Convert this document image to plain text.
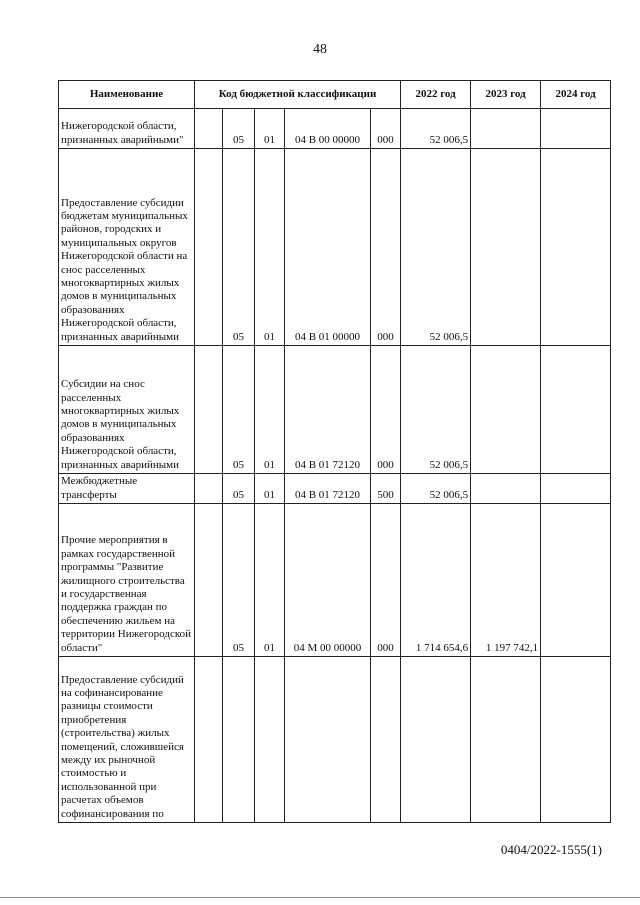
48
Наименование	Код бюджетной классификации					2022 год	2023 год	2024 год
Нижегородской области, признанных аварийными"		05	01	04 В 00 00000	000	52 006,5		
Предоставление субсидии бюджетам муниципальных районов, городских и муниципальных округов Нижегородской области на снос расселенных многоквартирных жилых домов в муниципальных образованиях Нижегородской области, признанных аварийными		05	01	04 В 01 00000	000	52 006,5		
Субсидии на снос расселенных многоквартирных жилых домов в муниципальных образованиях Нижегородской области, признанных аварийными		05	01	04 В 01 72120	000	52 006,5		
Межбюджетные трансферты		05	01	04 В 01 72120	500	52 006,5		
Прочие мероприятия в рамках государственной программы "Развитие жилищного строительства и государственная поддержка граждан по обеспечению жильем на территории Нижегородской области"		05	01	04 М 00 00000	000	1 714 654,6	1 197 742,1	
Предоставление субсидий на софинансирование разницы стоимости приобретения (строительства) жилых помещений, сложившейся между их рыночной стоимостью и использованной при расчетах объемов софинансирования по								
0404/2022-1555(1)
